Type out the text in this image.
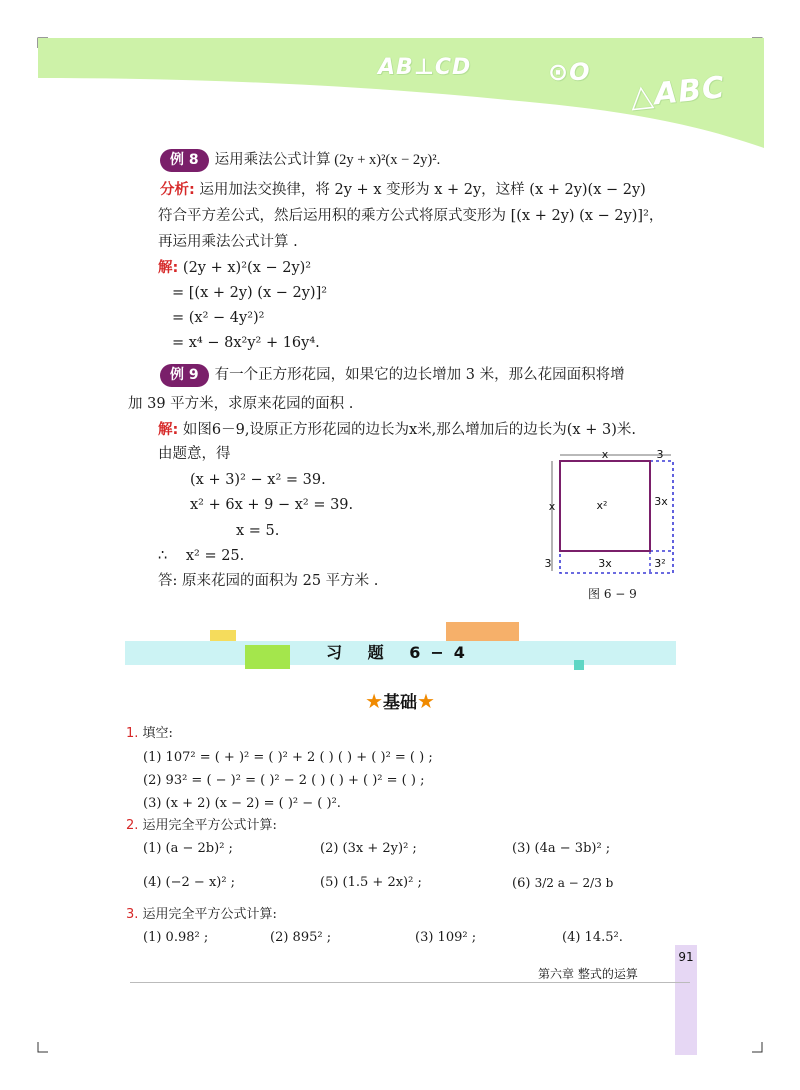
AB⊥CD	⊙O △ABC
例 8 运用乘法公式计算 (2y + x)²(x − 2y)².
分析: 运用加法交换律，将 2y + x 变形为 x + 2y，这样 (x + 2y)(x − 2y)
符合平方差公式，然后运用积的乘方公式将原式变形为 [(x + 2y) (x − 2y)]²，
再运用乘法公式计算 .
解: (2y + x)²(x − 2y)²
= [(x + 2y) (x − 2y)]²
= (x² − 4y²)²
= x⁴ − 8x²y² + 16y⁴.
例 9 有一个正方形花园，如果它的边长增加 3 米，那么花园面积将增
加 39 平方米，求原来花园的面积 .
解: 如图6－9,设原正方形花园的边长为x米,那么增加后的边长为(x + 3)米.
由题意，得
(x + 3)² − x² = 39.
x² + 6x + 9 − x² = 39.
x = 5.
∴ x² = 25.
答: 原来花园的面积为 25 平方米 .
x	3
x	x²	3x
3	3x	3²
图 6 − 9
习 题 6−4
★基础★
1. 填空:
(1) 107² = ( + )² = ( )² + 2 ( ) ( ) + ( )² = ( ) ;
(2) 93² = ( − )² = ( )² − 2 ( ) ( ) + ( )² = ( ) ;
(3) (x + 2) (x − 2) = ( )² − ( )².
2. 运用完全平方公式计算:
(1) (a − 2b)² ;	(2) (3x + 2y)² ;	(3) (4a − 3b)² ;
(4) (−2 − x)² ;	(5) (1.5 + 2x)² ;	(6) 3/2 a − 2/3 b
3. 运用完全平方公式计算:
(1) 0.98² ;	(2) 895² ;	(3) 109² ;	(4) 14.5².
91
第六章 整式的运算
